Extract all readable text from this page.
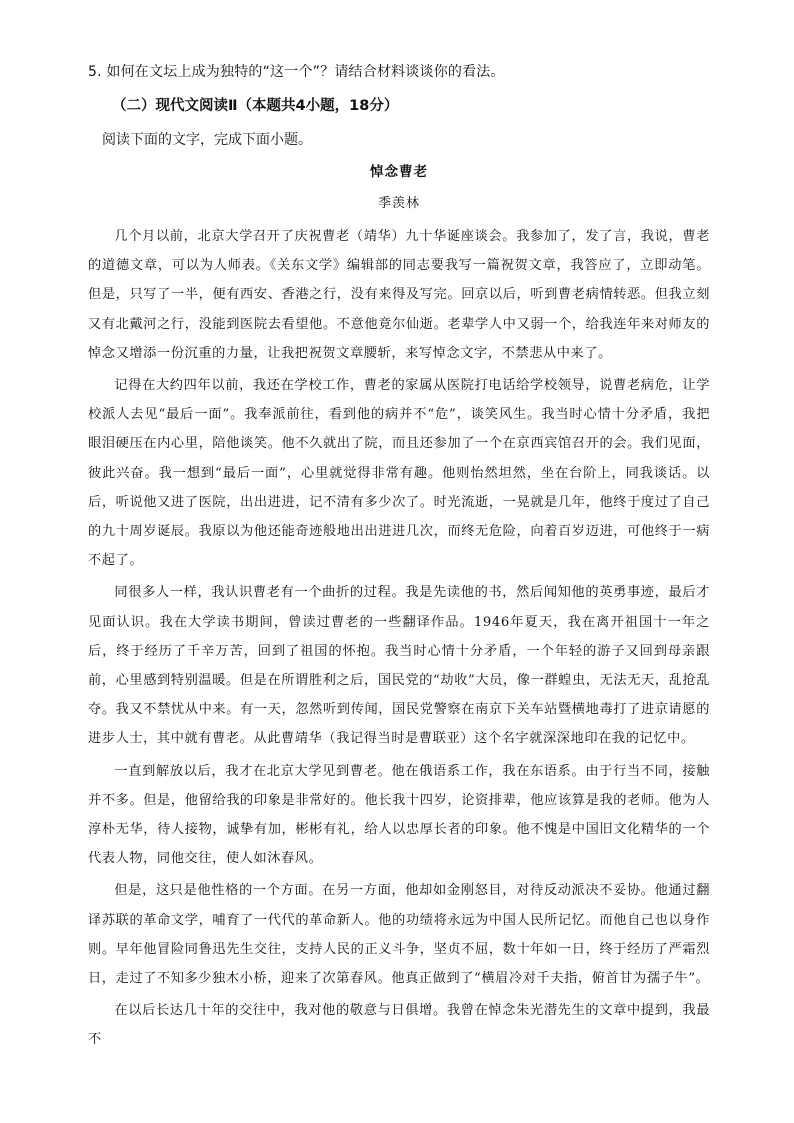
5. 如何在文坛上成为独特的“这一个”？请结合材料谈谈你的看法。

（二）现代文阅读Ⅱ（本题共4小题，18分）

阅读下面的文字，完成下面小题。

悼念曹老

季羡林

几个月以前，北京大学召开了庆祝曹老（靖华）九十华诞座谈会。我参加了，发了言，我说，曹老的道德文章，可以为人师表。《关东文学》编辑部的同志要我写一篇祝贺文章，我答应了，立即动笔。但是，只写了一半，便有西安、香港之行，没有来得及写完。回京以后，听到曹老病情转恶。但我立刻又有北戴河之行，没能到医院去看望他。不意他竟尔仙逝。老辈学人中又弱一个，给我连年来对师友的悼念又增添一份沉重的力量，让我把祝贺文章腰斩，来写悼念文字，不禁悲从中来了。

记得在大约四年以前，我还在学校工作，曹老的家属从医院打电话给学校领导，说曹老病危，让学校派人去见“最后一面”。我奉派前往，看到他的病并不“危”，谈笑风生。我当时心情十分矛盾，我把眼泪硬压在内心里，陪他谈笑。他不久就出了院，而且还参加了一个在京西宾馆召开的会。我们见面，彼此兴奋。我一想到“最后一面”，心里就觉得非常有趣。他则怡然坦然，坐在台阶上，同我谈话。以后，听说他又进了医院，出出进进，记不清有多少次了。时光流逝，一晃就是几年，他终于度过了自己的九十周岁诞辰。我原以为他还能奇迹般地出出进进几次，而终无危险，向着百岁迈进，可他终于一病不起了。

同很多人一样，我认识曹老有一个曲折的过程。我是先读他的书，然后闻知他的英勇事迹，最后才见面认识。我在大学读书期间，曾读过曹老的一些翻译作品。1946年夏天，我在离开祖国十一年之后，终于经历了千辛万苦，回到了祖国的怀抱。我当时心情十分矛盾，一个年轻的游子又回到母亲跟前，心里感到特别温暖。但是在所谓胜利之后，国民党的“劫收”大员，像一群蝗虫，无法无天，乱抢乱夺。我又不禁忧从中来。有一天，忽然听到传闻，国民党警察在南京下关车站暨横地毒打了进京请愿的进步人士，其中就有曹老。从此曹靖华（我记得当时是曹联亚）这个名字就深深地印在我的记忆中。

一直到解放以后，我才在北京大学见到曹老。他在俄语系工作，我在东语系。由于行当不同，接触并不多。但是，他留给我的印象是非常好的。他长我十四岁，论资排辈，他应该算是我的老师。他为人淳朴无华，待人接物，诚挚有加，彬彬有礼，给人以忠厚长者的印象。他不愧是中国旧文化精华的一个代表人物，同他交往，使人如沐春风。

但是，这只是他性格的一个方面。在另一方面，他却如金刚怒目，对待反动派决不妥协。他通过翻译苏联的革命文学，哺育了一代代的革命新人。他的功绩将永远为中国人民所记忆。而他自己也以身作则。早年他冒险同鲁迅先生交往，支持人民的正义斗争，坚贞不屈，数十年如一日，终于经历了严霜烈日，走过了不知多少独木小桥，迎来了次第春风。他真正做到了“横眉冷对千夫指，俯首甘为孺子牛”。

在以后长达几十年的交往中，我对他的敬意与日俱增。我曾在悼念朱光潜先生的文章中提到，我最不
